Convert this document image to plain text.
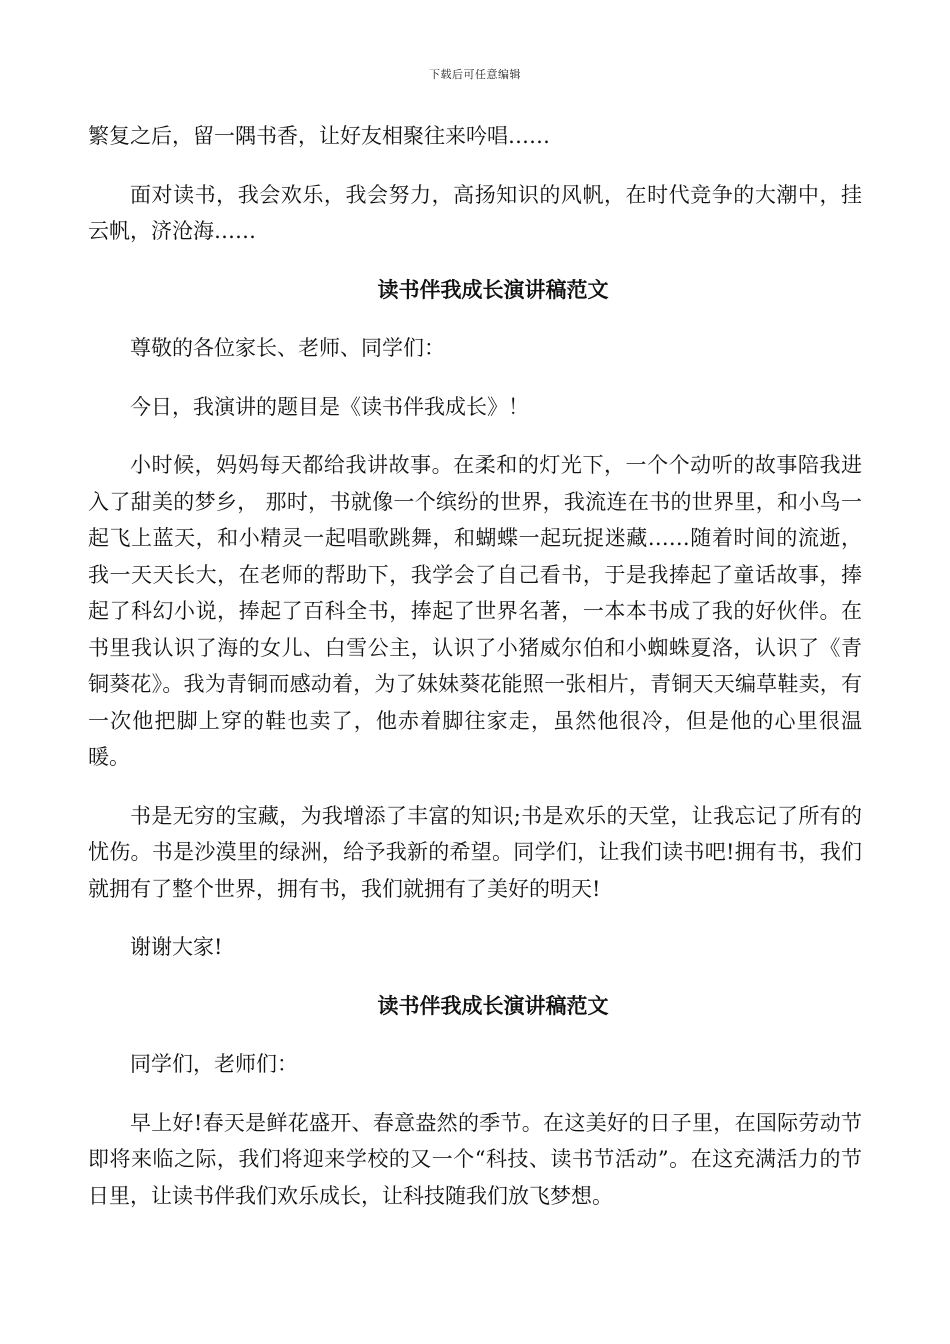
下载后可任意编辑

繁复之后，留一隅书香，让好友相聚往来吟唱……

面对读书，我会欢乐，我会努力，高扬知识的风帆，在时代竞争的大潮中，挂云帆，济沧海……

读书伴我成长演讲稿范文

尊敬的各位家长、老师、同学们：

今日，我演讲的题目是《读书伴我成长》！

小时候，妈妈每天都给我讲故事。在柔和的灯光下，一个个动听的故事陪我进入了甜美的梦乡， 那时，书就像一个缤纷的世界，我流连在书的世界里，和小鸟一起飞上蓝天，和小精灵一起唱歌跳舞，和蝴蝶一起玩捉迷藏……随着时间的流逝，我一天天长大，在老师的帮助下，我学会了自己看书，于是我捧起了童话故事，捧起了科幻小说，捧起了百科全书，捧起了世界名著，一本本书成了我的好伙伴。在书里我认识了海的女儿、白雪公主，认识了小猪威尔伯和小蜘蛛夏洛，认识了《青铜葵花》。我为青铜而感动着，为了妹妹葵花能照一张相片，青铜天天编草鞋卖，有一次他把脚上穿的鞋也卖了，他赤着脚往家走，虽然他很冷，但是他的心里很温暖。

书是无穷的宝藏，为我增添了丰富的知识;书是欢乐的天堂，让我忘记了所有的忧伤。书是沙漠里的绿洲，给予我新的希望。同学们，让我们读书吧!拥有书，我们就拥有了整个世界，拥有书，我们就拥有了美好的明天!

谢谢大家!

读书伴我成长演讲稿范文

同学们，老师们：

早上好!春天是鲜花盛开、春意盎然的季节。在这美好的日子里，在国际劳动节即将来临之际，我们将迎来学校的又一个“科技、读书节活动”。在这充满活力的节日里，让读书伴我们欢乐成长，让科技随我们放飞梦想。
